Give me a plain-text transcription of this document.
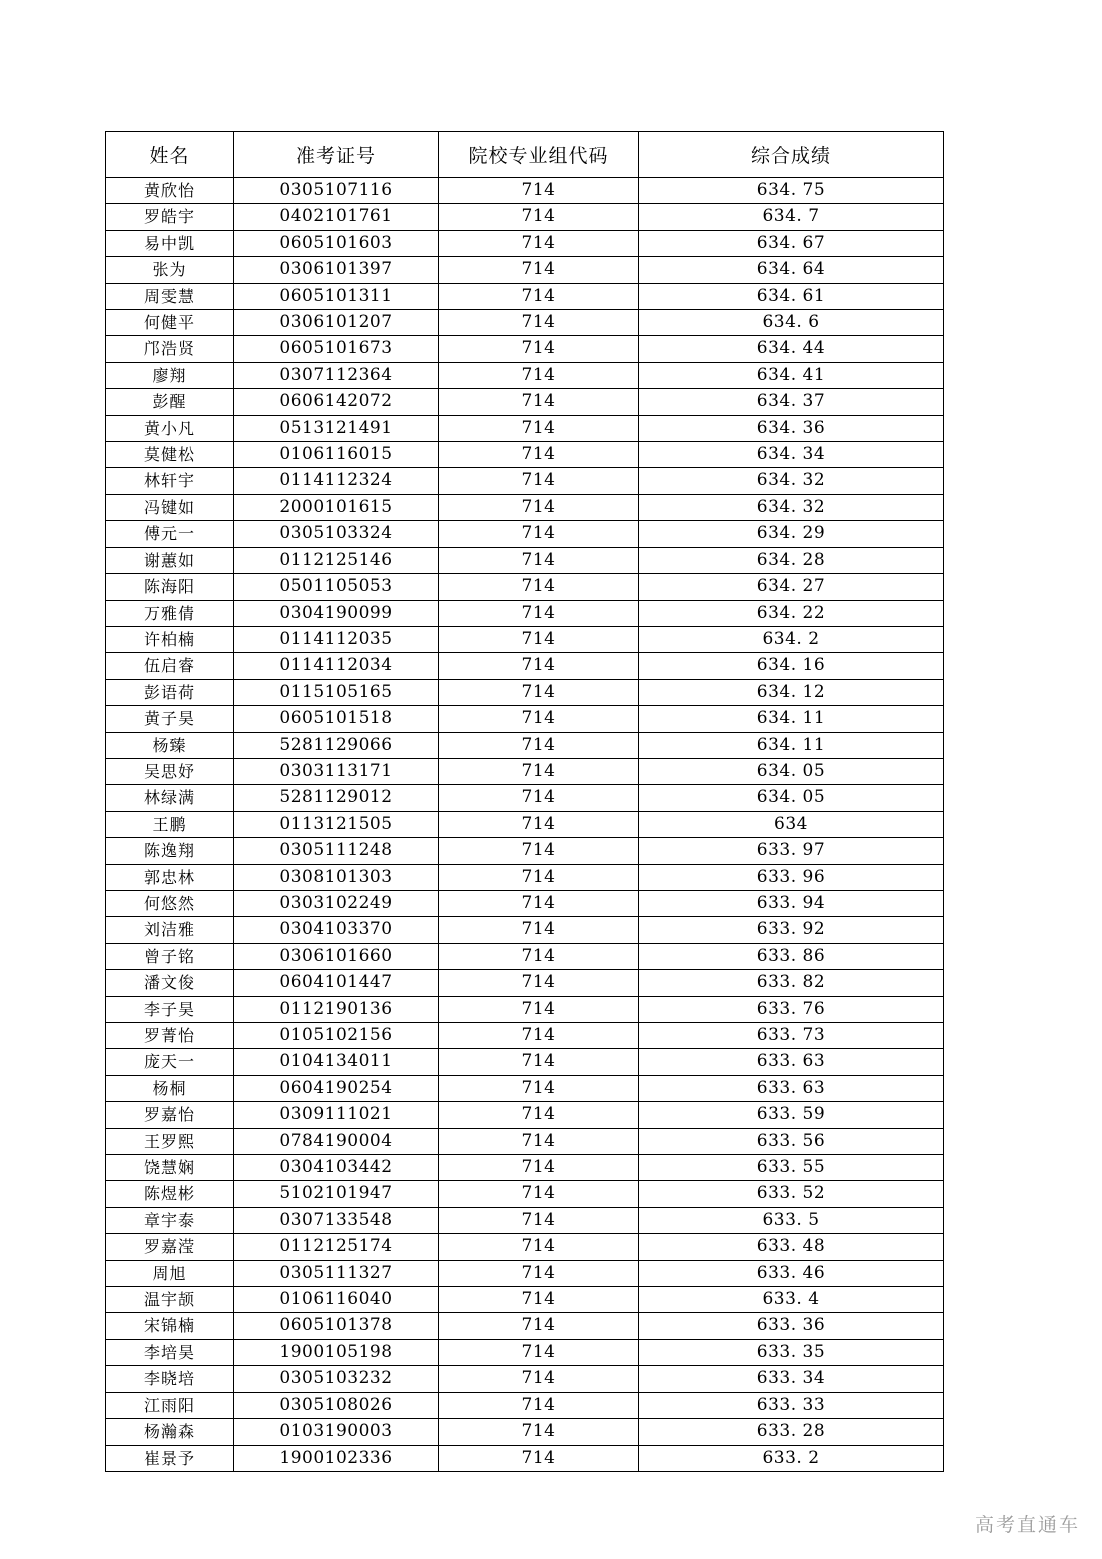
姓名	准考证号	院校专业组代码	综合成绩
黄欣怡	0305107116	714	634. 75
罗皓宇	0402101761	714	634. 7
易中凯	0605101603	714	634. 67
张为	0306101397	714	634. 64
周雯慧	0605101311	714	634. 61
何健平	0306101207	714	634. 6
邝浩贤	0605101673	714	634. 44
廖翔	0307112364	714	634. 41
彭醒	0606142072	714	634. 37
黄小凡	0513121491	714	634. 36
莫健松	0106116015	714	634. 34
林轩宇	0114112324	714	634. 32
冯键如	2000101615	714	634. 32
傅元一	0305103324	714	634. 29
谢蕙如	0112125146	714	634. 28
陈海阳	0501105053	714	634. 27
万雅倩	0304190099	714	634. 22
许柏楠	0114112035	714	634. 2
伍启睿	0114112034	714	634. 16
彭语荷	0115105165	714	634. 12
黄子昊	0605101518	714	634. 11
杨臻	5281129066	714	634. 11
吴思妤	0303113171	714	634. 05
林绿满	5281129012	714	634. 05
王鹏	0113121505	714	634
陈逸翔	0305111248	714	633. 97
郭忠林	0308101303	714	633. 96
何悠然	0303102249	714	633. 94
刘洁雅	0304103370	714	633. 92
曾子铭	0306101660	714	633. 86
潘文俊	0604101447	714	633. 82
李子昊	0112190136	714	633. 76
罗菁怡	0105102156	714	633. 73
庞天一	0104134011	714	633. 63
杨桐	0604190254	714	633. 63
罗嘉怡	0309111021	714	633. 59
王罗熙	0784190004	714	633. 56
饶慧娴	0304103442	714	633. 55
陈煜彬	5102101947	714	633. 52
章宇泰	0307133548	714	633. 5
罗嘉滢	0112125174	714	633. 48
周旭	0305111327	714	633. 46
温宇颉	0106116040	714	633. 4
宋锦楠	0605101378	714	633. 36
李培昊	1900105198	714	633. 35
李晓培	0305103232	714	633. 34
江雨阳	0305108026	714	633. 33
杨瀚森	0103190003	714	633. 28
崔景予	1900102336	714	633. 2
高考直通车
